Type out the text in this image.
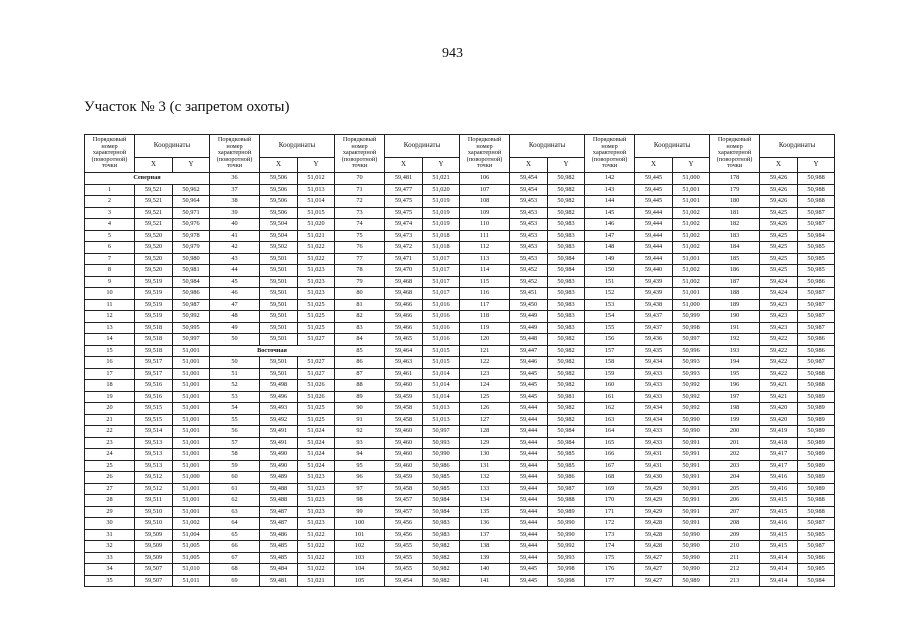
943
Участок № 3 (с запретом охоты)
Порядковый номер характерной (поворотной) точки	Координаты		Порядковый номер характерной (поворотной) точки	Координаты		Порядковый номер характерной (поворотной) точки	Координаты		Порядковый номер характерной (поворотной) точки	Координаты		Порядковый номер характерной (поворотной) точки	Координаты		Порядковый номер характерной (поворотной) точки	Координаты	
	X	Y		X	Y		X	Y		X	Y		X	Y		X	Y
Северная			36	59,506	51,012	70	59,481	51,021	106	59,454	50,982	142	59,445	51,000	178	59,426	50,988
1	59,521	50,962	37	59,506	51,013	71	59,477	51,020	107	59,454	50,982	143	59,445	51,001	179	59,426	50,988
2	59,521	50,964	38	59,506	51,014	72	59,475	51,019	108	59,453	50,982	144	59,445	51,001	180	59,426	50,988
3	59,521	50,971	39	59,506	51,015	73	59,475	51,019	109	59,453	50,982	145	59,444	51,002	181	59,425	50,987
4	59,521	50,976	40	59,504	51,020	74	59,474	51,019	110	59,453	50,983	146	59,444	51,002	182	59,426	50,987
5	59,520	50,978	41	59,504	51,021	75	59,473	51,018	111	59,453	50,983	147	59,444	51,002	183	59,425	50,984
6	59,520	50,979	42	59,502	51,022	76	59,472	51,018	112	59,453	50,983	148	59,444	51,002	184	59,425	50,985
7	59,520	50,980	43	59,501	51,022	77	59,471	51,017	113	59,453	50,984	149	59,444	51,001	185	59,425	50,985
8	59,520	50,981	44	59,501	51,023	78	59,470	51,017	114	59,452	50,984	150	59,440	51,002	186	59,425	50,985
9	59,519	50,984	45	59,501	51,023	79	59,468	51,017	115	59,452	50,983	151	59,439	51,002	187	59,424	50,986
10	59,519	50,986	46	59,501	51,023	80	59,468	51,017	116	59,451	50,983	152	59,439	51,001	188	59,424	50,987
11	59,519	50,987	47	59,501	51,025	81	59,466	51,016	117	59,450	50,983	153	59,438	51,000	189	59,423	50,987
12	59,519	50,992	48	59,501	51,025	82	59,466	51,016	118	59,449	50,983	154	59,437	50,999	190	59,423	50,987
13	59,518	50,995	49	59,501	51,025	83	59,466	51,016	119	59,449	50,983	155	59,437	50,998	191	59,423	50,987
14	59,518	50,997	50	59,501	51,027	84	59,465	51,016	120	59,448	50,982	156	59,436	50,997	192	59,422	50,986
15	59,518	51,001	Восточная			85	59,464	51,015	121	59,447	50,982	157	59,435	50,996	193	59,422	50,986
16	59,517	51,001	50	59,501	51,027	86	59,463	51,015	122	59,446	50,982	158	59,434	50,993	194	59,422	50,987
17	59,517	51,001	51	59,501	51,027	87	59,461	51,014	123	59,445	50,982	159	59,433	50,993	195	59,422	50,988
18	59,516	51,001	52	59,498	51,026	88	59,460	51,014	124	59,445	50,982	160	59,433	50,992	196	59,421	50,988
19	59,516	51,001	53	59,496	51,026	89	59,459	51,014	125	59,445	50,981	161	59,433	50,992	197	59,421	50,989
20	59,515	51,001	54	59,493	51,025	90	59,458	51,013	126	59,444	50,982	162	59,434	50,992	198	59,420	50,989
21	59,515	51,001	55	59,492	51,025	91	59,458	51,013	127	59,444	50,982	163	59,434	50,990	199	59,420	50,989
22	59,514	51,001	56	59,491	51,024	92	59,460	50,997	128	59,444	50,984	164	59,433	50,990	200	59,419	50,989
23	59,513	51,001	57	59,491	51,024	93	59,460	50,993	129	59,444	50,984	165	59,433	50,991	201	59,418	50,989
24	59,513	51,001	58	59,490	51,024	94	59,460	50,990	130	59,444	50,985	166	59,431	50,991	202	59,417	50,989
25	59,513	51,001	59	59,490	51,024	95	59,460	50,986	131	59,444	50,985	167	59,431	50,991	203	59,417	50,989
26	59,512	51,000	60	59,489	51,023	96	59,459	50,985	132	59,444	50,986	168	59,430	50,991	204	59,416	50,989
27	59,512	51,001	61	59,488	51,023	97	59,458	50,985	133	59,444	50,987	169	59,429	50,991	205	59,416	50,989
28	59,511	51,001	62	59,488	51,023	98	59,457	50,984	134	59,444	50,988	170	59,429	50,991	206	59,415	50,988
29	59,510	51,001	63	59,487	51,023	99	59,457	50,984	135	59,444	50,989	171	59,429	50,991	207	59,415	50,988
30	59,510	51,002	64	59,487	51,023	100	59,456	50,983	136	59,444	50,990	172	59,428	50,991	208	59,416	50,987
31	59,509	51,004	65	59,486	51,022	101	59,456	50,983	137	59,444	50,990	173	59,428	50,990	209	59,415	50,985
32	59,509	51,005	66	59,485	51,022	102	59,455	50,982	138	59,444	50,992	174	59,428	50,990	210	59,415	50,987
33	59,509	51,005	67	59,485	51,022	103	59,455	50,982	139	59,444	50,993	175	59,427	50,990	211	59,414	50,986
34	59,507	51,010	68	59,484	51,022	104	59,455	50,982	140	59,445	50,998	176	59,427	50,990	212	59,414	50,985
35	59,507	51,011	69	59,481	51,021	105	59,454	50,982	141	59,445	50,998	177	59,427	50,989	213	59,414	50,984
